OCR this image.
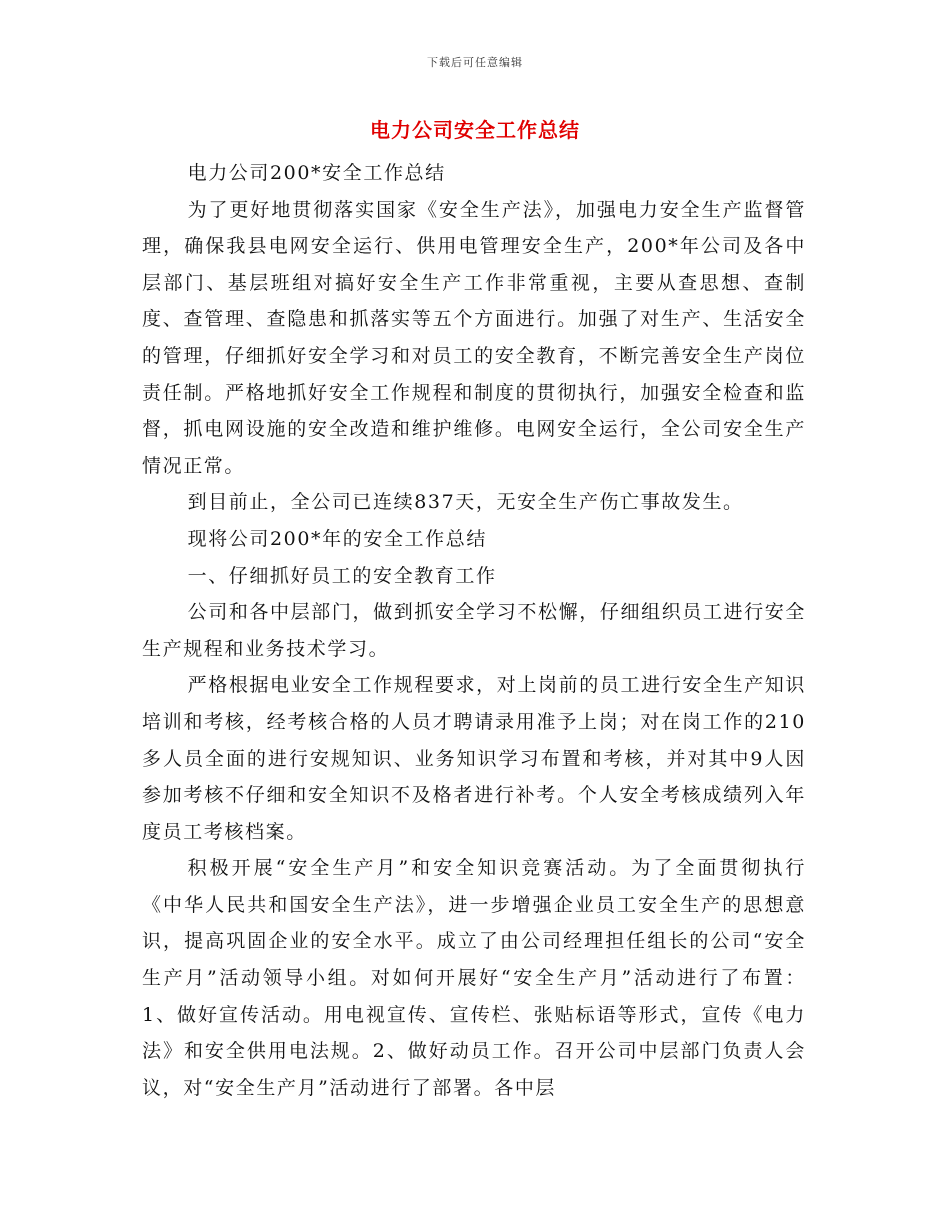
下载后可任意编辑
电力公司安全工作总结

电力公司200*安全工作总结

为了更好地贯彻落实国家《安全生产法》，加强电力安全生产监督管理，确保我县电网安全运行、供用电管理安全生产，200*年公司及各中层部门、基层班组对搞好安全生产工作非常重视，主要从查思想、查制度、查管理、查隐患和抓落实等五个方面进行。加强了对生产、生活安全的管理，仔细抓好安全学习和对员工的安全教育，不断完善安全生产岗位责任制。严格地抓好安全工作规程和制度的贯彻执行，加强安全检查和监督，抓电网设施的安全改造和维护维修。电网安全运行，全公司安全生产情况正常。

到目前止，全公司已连续837天，无安全生产伤亡事故发生。

现将公司200*年的安全工作总结

一、仔细抓好员工的安全教育工作

公司和各中层部门，做到抓安全学习不松懈，仔细组织员工进行安全生产规程和业务技术学习。

严格根据电业安全工作规程要求，对上岗前的员工进行安全生产知识培训和考核，经考核合格的人员才聘请录用准予上岗；对在岗工作的210多人员全面的进行安规知识、业务知识学习布置和考核，并对其中9人因参加考核不仔细和安全知识不及格者进行补考。个人安全考核成绩列入年度员工考核档案。

积极开展“安全生产月”和安全知识竞赛活动。为了全面贯彻执行《中华人民共和国安全生产法》，进一步增强企业员工安全生产的思想意识，提高巩固企业的安全水平。成立了由公司经理担任组长的公司“安全生产月”活动领导小组。对如何开展好“安全生产月”活动进行了布置：1、做好宣传活动。用电视宣传、宣传栏、张贴标语等形式，宣传《电力法》和安全供用电法规。2、做好动员工作。召开公司中层部门负责人会议，对“安全生产月”活动进行了部署。各中层
